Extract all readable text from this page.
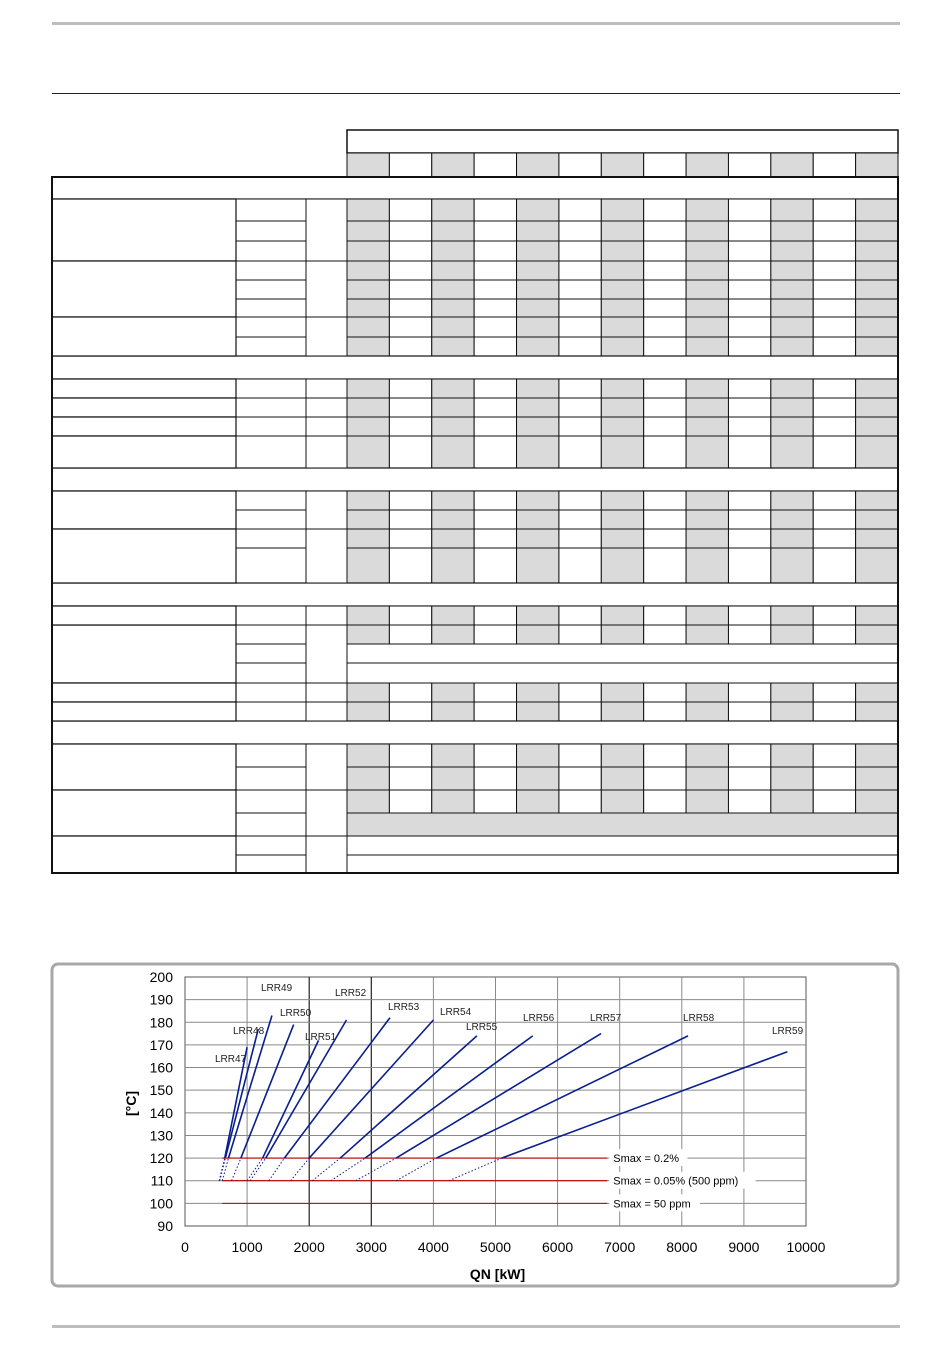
0	1000 2000 3000 4000 5000 6000 7000 8000 9000 10000
90
100
110
120
130
140
150
160
170
180
190
200
QN [kW]
[°C]
Smax = 0.2%
Smax = 0.05% (500 ppm)
Smax = 50 ppm
LRR47
LRR48
LRR49
LRR50
LRR51
LRR52
LRR53 LRR54
LRR55
LRR56	LRR57	LRR58
LRR59
